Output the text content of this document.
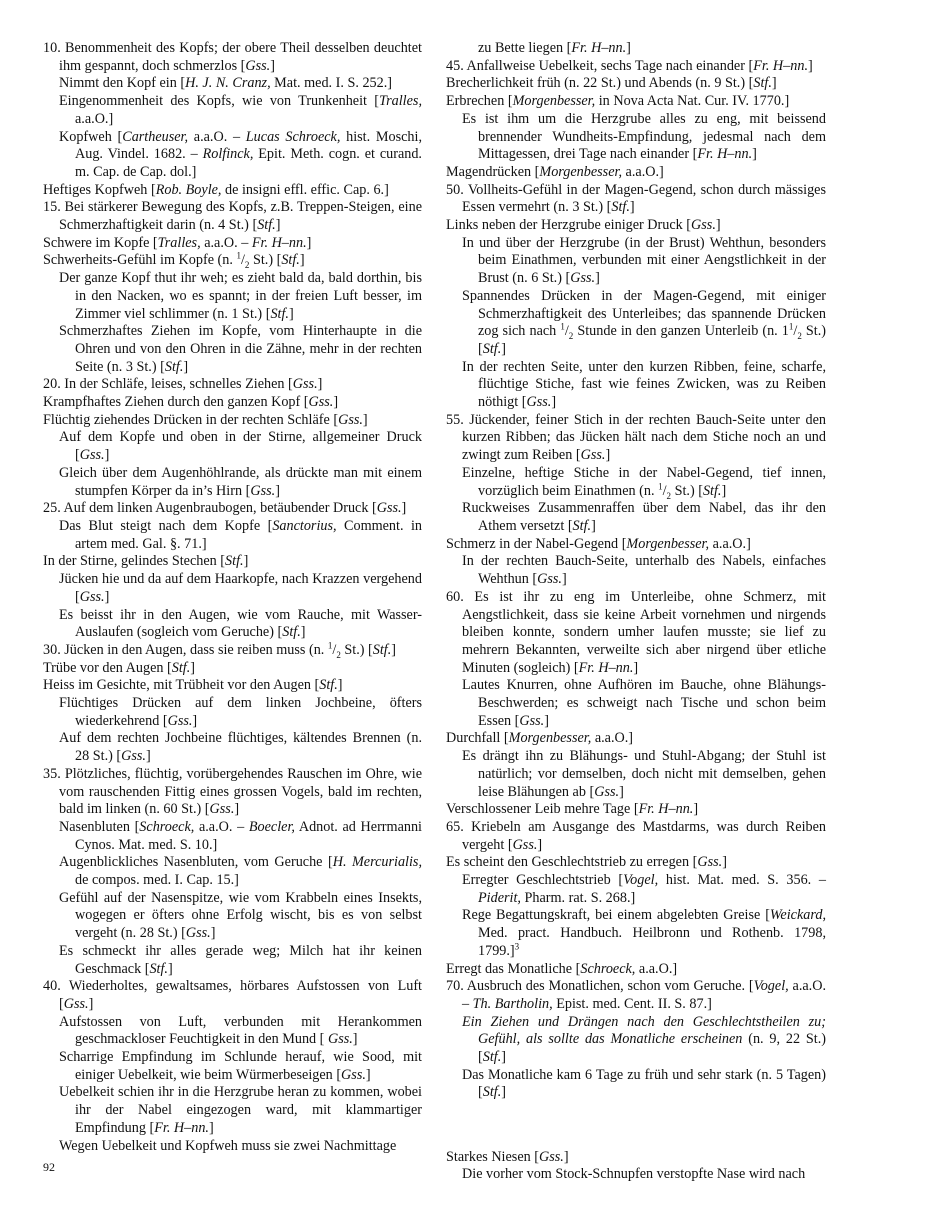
10. Benommenheit des Kopfs; der obere Theil desselben deuchtet ihm gespannt, doch schmerzlos [Gss.]

Nimmt den Kopf ein [H. J. N. Cranz, Mat. med. I. S. 252.]

Eingenommenheit des Kopfs, wie von Trunkenheit [Tralles, a.a.O.]

Kopfweh [Cartheuser, a.a.O. – Lucas Schroeck, hist. Moschi, Aug. Vindel. 1682. – Rolfinck, Epit. Meth. cogn. et curand. m. Cap. de Cap. dol.]

Heftiges Kopfweh [Rob. Boyle, de insigni effl. effic. Cap. 6.]

15. Bei stärkerer Bewegung des Kopfs, z.B. Treppen-Steigen, eine Schmerzhaftigkeit darin (n. 4 St.) [Stf.]

Schwere im Kopfe [Tralles, a.a.O. – Fr. H–nn.]

Schwerheits-Gefühl im Kopfe (n. $^1/_2$ St.) [Stf.]

Der ganze Kopf thut ihr weh; es zieht bald da, bald dorthin, bis in den Nacken, wo es spannt; in der freien Luft besser, im Zimmer viel schlimmer (n. 1 St.) [Stf.]

Schmerzhaftes Ziehen im Kopfe, vom Hinterhaupte in die Ohren und von den Ohren in die Zähne, mehr in der rechten Seite (n. 3 St.) [Stf.]

20. In der Schläfe, leises, schnelles Ziehen [Gss.]

Krampfhaftes Ziehen durch den ganzen Kopf [Gss.]

Flüchtig ziehendes Drücken in der rechten Schläfe [Gss.]

Auf dem Kopfe und oben in der Stirne, allgemeiner Druck [Gss.]

Gleich über dem Augenhöhlrande, als drückte man mit einem stumpfen Körper da in’s Hirn [Gss.]

25. Auf dem linken Augenbraubogen, betäubender Druck [Gss.]

Das Blut steigt nach dem Kopfe [Sanctorius, Comment. in artem med. Gal. §. 71.]

In der Stirne, gelindes Stechen [Stf.]

Jücken hie und da auf dem Haarkopfe, nach Krazzen vergehend [Gss.]

Es beisst ihr in den Augen, wie vom Rauche, mit Wasser-Auslaufen (sogleich vom Geruche) [Stf.]

30. Jücken in den Augen, dass sie reiben muss (n. $^1/_2$ St.) [Stf.]

Trübe vor den Augen [Stf.]

Heiss im Gesichte, mit Trübheit vor den Augen [Stf.]

Flüchtiges Drücken auf dem linken Jochbeine, öfters wiederkehrend [Gss.]

Auf dem rechten Jochbeine flüchtiges, kältendes Brennen (n. 28 St.) [Gss.]

35. Plötzliches, flüchtig, vorübergehendes Rauschen im Ohre, wie vom rauschenden Fittig eines grossen Vogels, bald im rechten, bald im linken (n. 60 St.) [Gss.]

Nasenbluten [Schroeck, a.a.O. – Boecler, Adnot. ad Herrmanni Cynos. Mat. med. S. 10.]

Augenblickliches Nasenbluten, vom Geruche [H. Mercurialis, de compos. med. I. Cap. 15.]

Gefühl auf der Nasenspitze, wie vom Krabbeln eines Insekts, wogegen er öfters ohne Erfolg wischt, bis es von selbst vergeht (n. 28 St.) [Gss.]

Es schmeckt ihr alles gerade weg; Milch hat ihr keinen Geschmack [Stf.]

40. Wiederholtes, gewaltsames, hörbares Aufstossen von Luft [Gss.]

Aufstossen von Luft, verbunden mit Herankommen geschmackloser Feuchtigkeit in den Mund [ Gss.]

Scharrige Empfindung im Schlunde herauf, wie Sood, mit einiger Uebelkeit, wie beim Würmerbeseigen [Gss.]

Uebelkeit schien ihr in die Herzgrube heran zu kommen, wobei ihr der Nabel eingezogen ward, mit klammartiger Empfindung [Fr. H–nn.]

Wegen Uebelkeit und Kopfweh muss sie zwei Nachmittage

zu Bette liegen [Fr. H–nn.]

45. Anfallweise Uebelkeit, sechs Tage nach einander [Fr. H–nn.]

Brecherlichkeit früh (n. 22 St.) und Abends (n. 9 St.) [Stf.]

Erbrechen [Morgenbesser, in Nova Acta Nat. Cur. IV. 1770.]

Es ist ihm um die Herzgrube alles zu eng, mit beissend brennender Wundheits-Empfindung, jedesmal nach dem Mittagessen, drei Tage nach einander [Fr. H–nn.]

Magendrücken [Morgenbesser, a.a.O.]

50. Vollheits-Gefühl in der Magen-Gegend, schon durch mässiges Essen vermehrt (n. 3 St.) [Stf.]

Links neben der Herzgrube einiger Druck [Gss.]

In und über der Herzgrube (in der Brust) Wehthun, besonders beim Einathmen, verbunden mit einer Aengstlichkeit in der Brust (n. 6 St.) [Gss.]

Spannendes Drücken in der Magen-Gegend, mit einiger Schmerzhaftigkeit des Unterleibes; das spannende Drücken zog sich nach $^1/_2$ Stunde in den ganzen Unterleib (n. $1^1/_2$ St.) [Stf.]

In der rechten Seite, unter den kurzen Ribben, feine, scharfe, flüchtige Stiche, fast wie feines Zwicken, was zu Reiben nöthigt [Gss.]

55. Jückender, feiner Stich in der rechten Bauch-Seite unter den kurzen Ribben; das Jücken hält nach dem Stiche noch an und zwingt zum Reiben [Gss.]

Einzelne, heftige Stiche in der Nabel-Gegend, tief innen, vorzüglich beim Einathmen (n. $^1/_2$ St.) [Stf.]

Ruckweises Zusammenraffen über dem Nabel, das ihr den Athem versetzt [Stf.]

Schmerz in der Nabel-Gegend [Morgenbesser, a.a.O.]

In der rechten Bauch-Seite, unterhalb des Nabels, einfaches Wehthun [Gss.]

60. Es ist ihr zu eng im Unterleibe, ohne Schmerz, mit Aengstlichkeit, dass sie keine Arbeit vornehmen und nirgends bleiben konnte, sondern umher laufen musste; sie lief zu mehrern Bekannten, verweilte sich aber nirgend über etliche Minuten (sogleich) [Fr. H–nn.]

Lautes Knurren, ohne Aufhören im Bauche, ohne Blähungs-Beschwerden; es schweigt nach Tische und schon beim Essen [Gss.]

Durchfall [Morgenbesser, a.a.O.]

Es drängt ihn zu Blähungs- und Stuhl-Abgang; der Stuhl ist natürlich; vor demselben, doch nicht mit demselben, gehen leise Blähungen ab [Gss.]

Verschlossener Leib mehre Tage [Fr. H–nn.]

65. Kriebeln am Ausgange des Mastdarms, was durch Reiben vergeht [Gss.]

Es scheint den Geschlechtstrieb zu erregen [Gss.]

Erregter Geschlechtstrieb [Vogel, hist. Mat. med. S. 356. – Piderit, Pharm. rat. S. 268.]

Rege Begattungskraft, bei einem abgelebten Greise [Weickard, Med. pract. Handbuch. Heilbronn und Rothenb. 1798, 1799.]$^3$

Erregt das Monatliche [Schroeck, a.a.O.]

70. Ausbruch des Monatlichen, schon vom Geruche. [Vogel, a.a.O. – Th. Bartholin, Epist. med. Cent. II. S. 87.]

Ein Ziehen und Drängen nach den Geschlechtstheilen zu; Gefühl, als sollte das Monatliche erscheinen (n. 9, 22 St.) [Stf.]

Das Monatliche kam 6 Tage zu früh und sehr stark (n. 5 Tagen) [Stf.]

Starkes Niesen [Gss.]

Die vorher vom Stock-Schnupfen verstopfte Nase wird nach

92
